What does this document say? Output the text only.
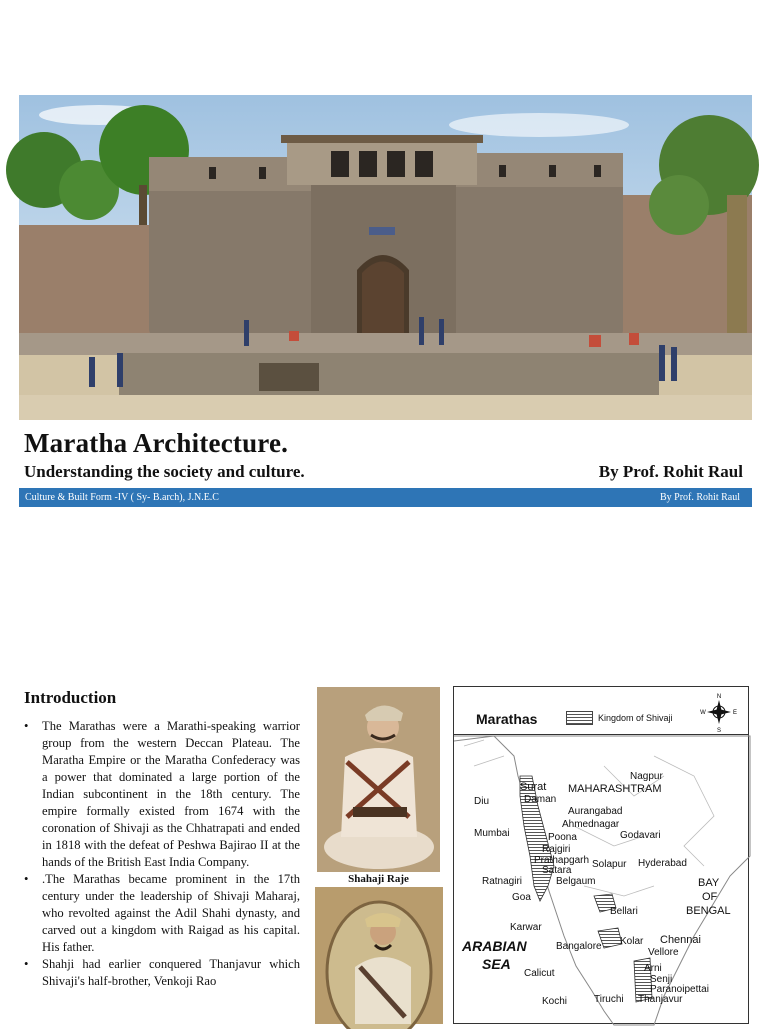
Maratha Architecture.
Understanding the society and culture.	By Prof. Rohit Raul
Culture & Built Form -IV ( Sy- B.arch), J.N.E.C	By Prof. Rohit Raul
Introduction
• The Marathas were a Marathi-speaking warrior group from the western Deccan Plateau. The Maratha Empire or the Maratha Confederacy was a power that dominated a large portion of the Indian subcontinent in the 18th century. The empire formally existed from 1674 with the coronation of Shivaji as the Chhatrapati and ended in 1818 with the defeat of Peshwa Bajirao II at the hands of the British East India Company.
• .The Marathas became prominent in the 17th century under the leadership of Shivaji Maharaj, who revolted against the Adil Shahi dynasty, and carved out a kingdom with Raigad as his capital. His father.
• Shahji had earlier conquered Thanjavur which Shivaji's half-brother, Venkoji Rao
Shahaji Raje
Marathas	Kingdom of Shivaji
N
S
E
W
Nagpur
Surat
Daman
MAHARASHTRAM
Diu
Aurangabad
Ahmednagar
Mumbai	Poona	Godavari
Rajgiri
Prathapgarh
Satara
Solapur Hyderabad
Ratnagiri	Belgaum	BAY
Goa	OF
BENGAL
Bellari
Karwar
ARABIAN	Chennai
Bangalore Kolar
Vellore
SEA
Calicut	Arni
Senji
Paranoipettai
Kochi	Tiruchi Thanjavur
